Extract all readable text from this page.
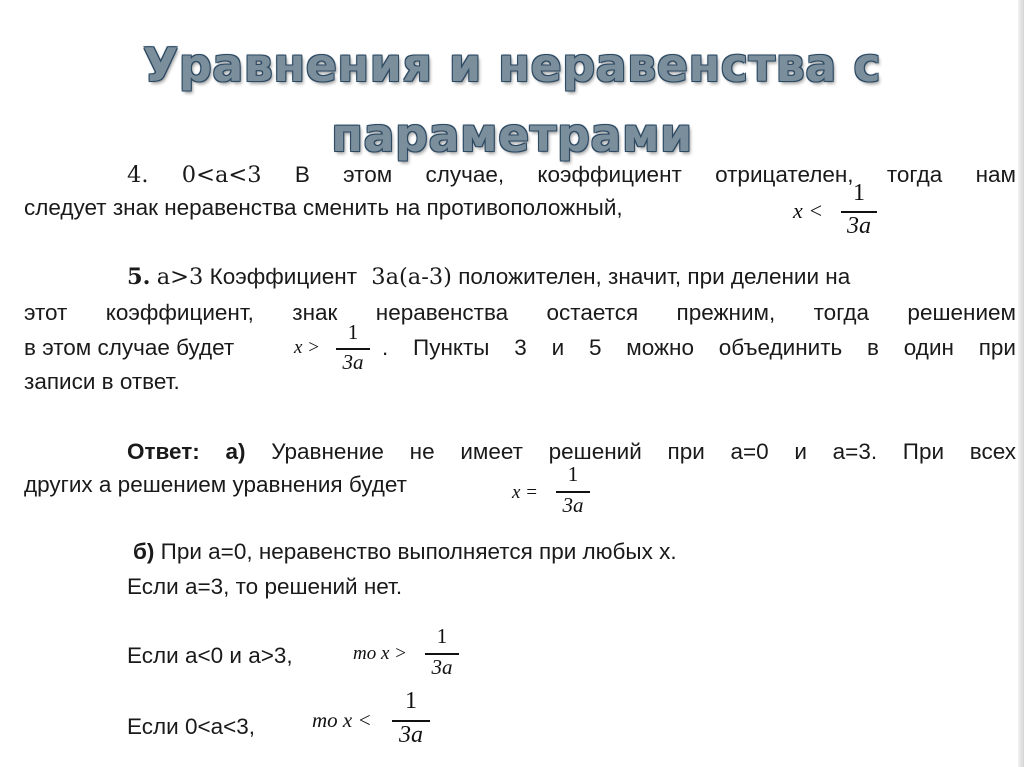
Уравнения и неравенства с
параметрами
4. 0<a<3 В этом случае, коэффициент отрицателен, тогда нам
следует знак неравенства сменить на противоположный,	x <
1
3a
5. a>3 Коэффициент 3a(a-3) положителен, значит, при делении на
этот коэффициент, знак неравенства остается прежним, тогда решением
в этом случае будет	. Пункты 3 и 5 можно объединить в один при
записи в ответ.
x >
1
3a
Ответ: а) Уравнение не имеет решений при a=0 и a=3. При всех
других a решением уравнения будет	x =
1
3a
б) При a=0, неравенство выполняется при любых x.
Если a=3, то решений нет.
Если a<0 и a>3,	то x >
1
3a
Если 0<a<3,	то x <
1
3a
